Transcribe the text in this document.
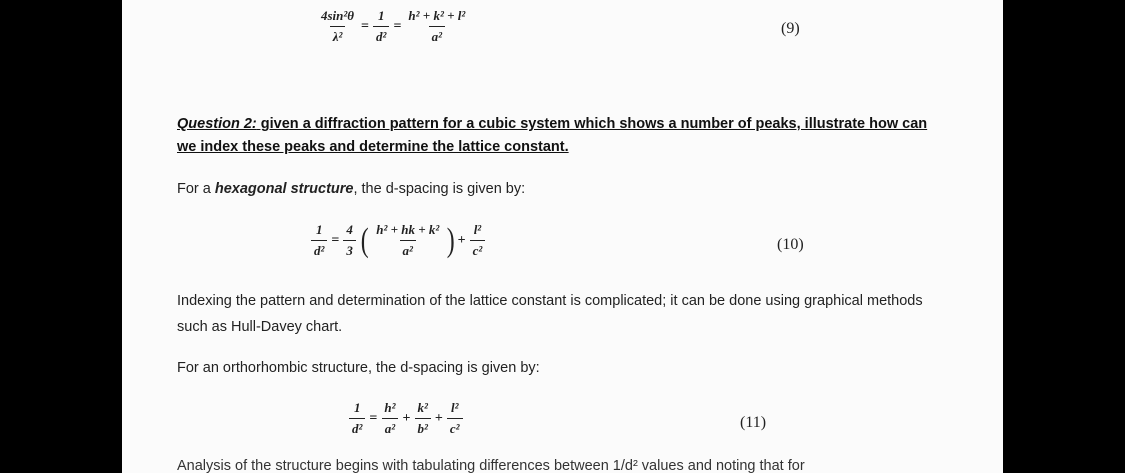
$\frac{\text{4sin²θ}}{\text{λ²}} = \frac{1}{\text{d²}} = \frac{\text{h² + k² + l²}}{\text{a²}}$	(9)
Question 2: given a diffraction pattern for a cubic system which shows a number of peaks, illustrate how can we index these peaks and determine the lattice constant.
For a hexagonal structure, the d-spacing is given by:
$\frac{1}{\text{d²}} = \frac{4}{3}$ ( $\frac{\text{h² + hk + k²}}{\text{a²}}$ ) + $\frac{\text{l²}}{\text{c²}}$	(10)
Indexing the pattern and determination of the lattice constant is complicated; it can be done using graphical methods such as Hull-Davey chart.
For an orthorhombic structure, the d-spacing is given by:
$\frac{1}{\text{d²}} = \frac{\text{h²}}{\text{a²}} + \frac{\text{k²}}{\text{b²}} + \frac{\text{l²}}{\text{c²}}$	(11)
Analysis of the structure begins with tabulating differences between 1/d² values and noting that for
